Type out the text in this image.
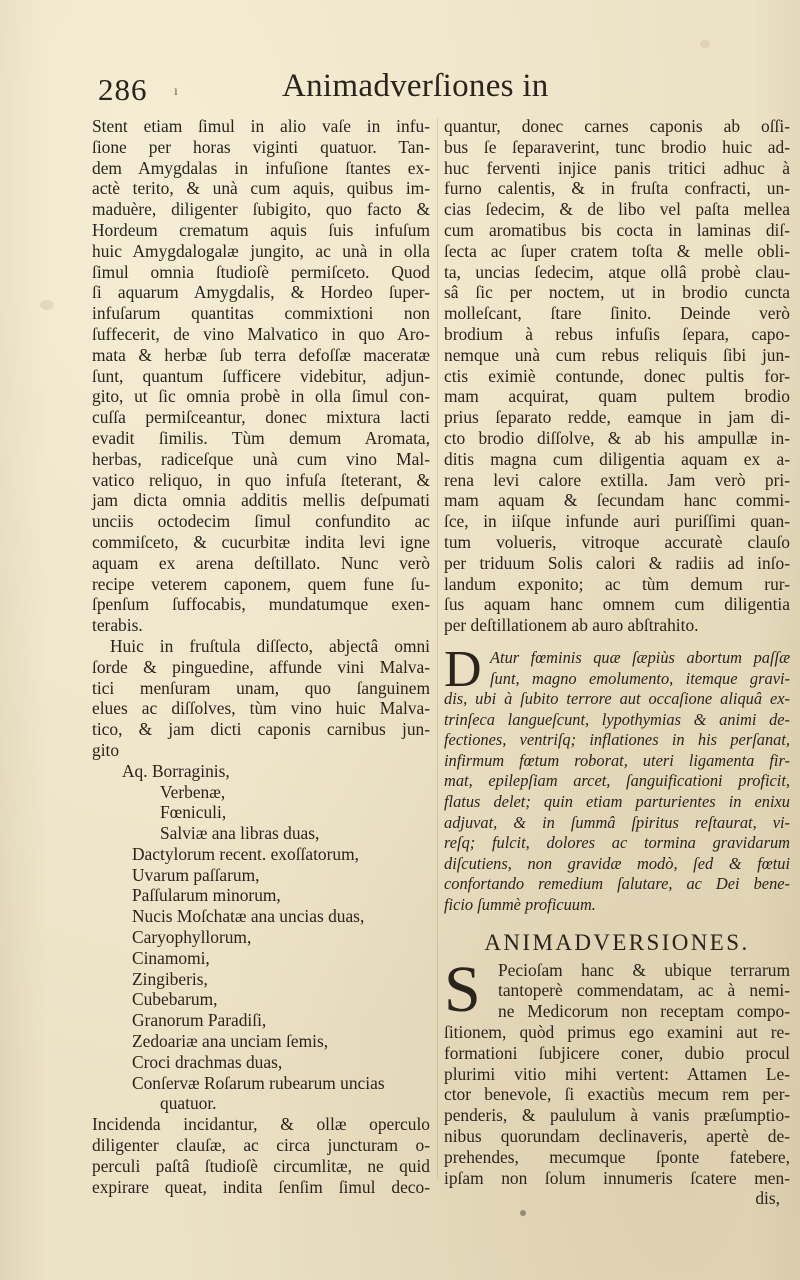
286 ı	Animadverſiones in
Stent etiam ſimul in alio vaſe in infu-
ſione per horas viginti quatuor. Tan-
dem Amygdalas in infuſione ſtantes ex-
actè terito, & unà cum aquis, quibus im-
maduère, diligenter ſubigito, quo facto &
Hordeum crematum aquis ſuis infuſum
huic Amygdalogalæ jungito, ac unà in olla
ſimul omnia ſtudioſè permiſceto. Quod
ſi aquarum Amygdalis, & Hordeo ſuper-
infuſarum quantitas commixtioni non
ſuffecerit, de vino Malvatico in quo Aro-
mata & herbæ ſub terra defoſſæ maceratæ
ſunt, quantum ſufficere videbitur, adjun-
gito, ut ſic omnia probè in olla ſimul con-
cuſſa permiſceantur, donec mixtura lacti
evadit ſimilis. Tùm demum Aromata,
herbas, radiceſque unà cum vino Mal-
vatico reliquo, in quo infuſa ſteterant, &
jam dicta omnia additis mellis deſpumati
unciis octodecim ſimul confundito ac
commiſceto, & cucurbitæ indita levi igne
aquam ex arena deſtillato. Nunc verò
recipe veterem caponem, quem fune ſu-
ſpenſum ſuffocabis, mundatumque exen-
terabis.
Huic in fruſtula diſſecto, abjectâ omni
ſorde & pinguedine, affunde vini Malva-
tici menſuram unam, quo ſanguinem
elues ac diſſolves, tùm vino huic Malva-
tico, & jam dicti caponis carnibus jun-
gito
Aq. Borraginis,
Verbenæ,
Fœniculi,
Salviæ ana libras duas,
Dactylorum recent. exoſſatorum,
Uvarum paſſarum,
Paſſularum minorum,
Nucis Moſchatæ ana uncias duas,
Caryophyllorum,
Cinamomi,
Zingiberis,
Cubebarum,
Granorum Paradiſi,
Zedoariæ ana unciam ſemis,
Croci drachmas duas,
Conſervæ Roſarum rubearum uncias
quatuor.
Incidenda incidantur, & ollæ operculo
diligenter clauſæ, ac circa juncturam o-
perculi paſtâ ſtudioſè circumlitæ, ne quid
expirare queat, indita ſenſim ſimul deco-
quantur, donec carnes caponis ab oſſi-
bus ſe ſeparaverint, tunc brodio huic ad-
huc ferventi injice panis tritici adhuc à
furno calentis, & in fruſta confracti, un-
cias ſedecim, & de libo vel paſta mellea
cum aromatibus bis cocta in laminas diſ-
ſecta ac ſuper cratem toſta & melle obli-
ta, uncias ſedecim, atque ollâ probè clau-
sâ ſic per noctem, ut in brodio cuncta
molleſcant, ſtare ſinito. Deinde verò
brodium à rebus infuſis ſepara, capo-
nemque unà cum rebus reliquis ſibi jun-
ctis eximiè contunde, donec pultis for-
mam acquirat, quam pultem brodio
prius ſeparato redde, eamque in jam di-
cto brodio diſſolve, & ab his ampullæ in-
ditis magna cum diligentia aquam ex a-
rena levi calore extilla. Jam verò pri-
mam aquam & ſecundam hanc commi-
ſce, in iiſque infunde auri puriſſimi quan-
tum volueris, vitroque accuratè clauſo
per triduum Solis calori & radiis ad inſo-
landum exponito; ac tùm demum rur-
ſus aquam hanc omnem cum diligentia
per deſtillationem ab auro abſtrahito.
D Atur fœminis quæ ſæpiùs abortum paſſæ
ſunt, magno emolumento, itemque gravi-
dis, ubi à ſubito terrore aut occaſione aliquâ ex-
trinſeca langueſcunt, lypothymias & animi de-
fectiones, ventriſq; inflationes in his perſanat,
infirmum fœtum roborat, uteri ligamenta fir-
mat, epilepſiam arcet, ſanguificationi proficit,
flatus delet; quin etiam parturientes in enixu
adjuvat, & in ſummâ ſpiritus reſtaurat, vi-
reſq; fulcit, dolores ac tormina gravidarum
diſcutiens, non gravidæ modò, ſed & fœtui
confortando remedium ſalutare, ac Dei bene-
ficio ſummè proficuum.
ANIMADVERSIONES.
S Pecioſam hanc & ubique terrarum
tantoperè commendatam, ac à nemi-
ne Medicorum non receptam compo-
ſitionem, quòd primus ego examini aut re-
formationi ſubjicere coner, dubio procul
plurimi vitio mihi vertent: Attamen Le-
ctor benevole, ſi exactiùs mecum rem per-
penderis, & paululum à vanis præſumptio-
nibus quorundam declinaveris, apertè de-
prehendes, mecumque ſponte fatebere,
ipſam non ſolum innumeris ſcatere men-
dis,
